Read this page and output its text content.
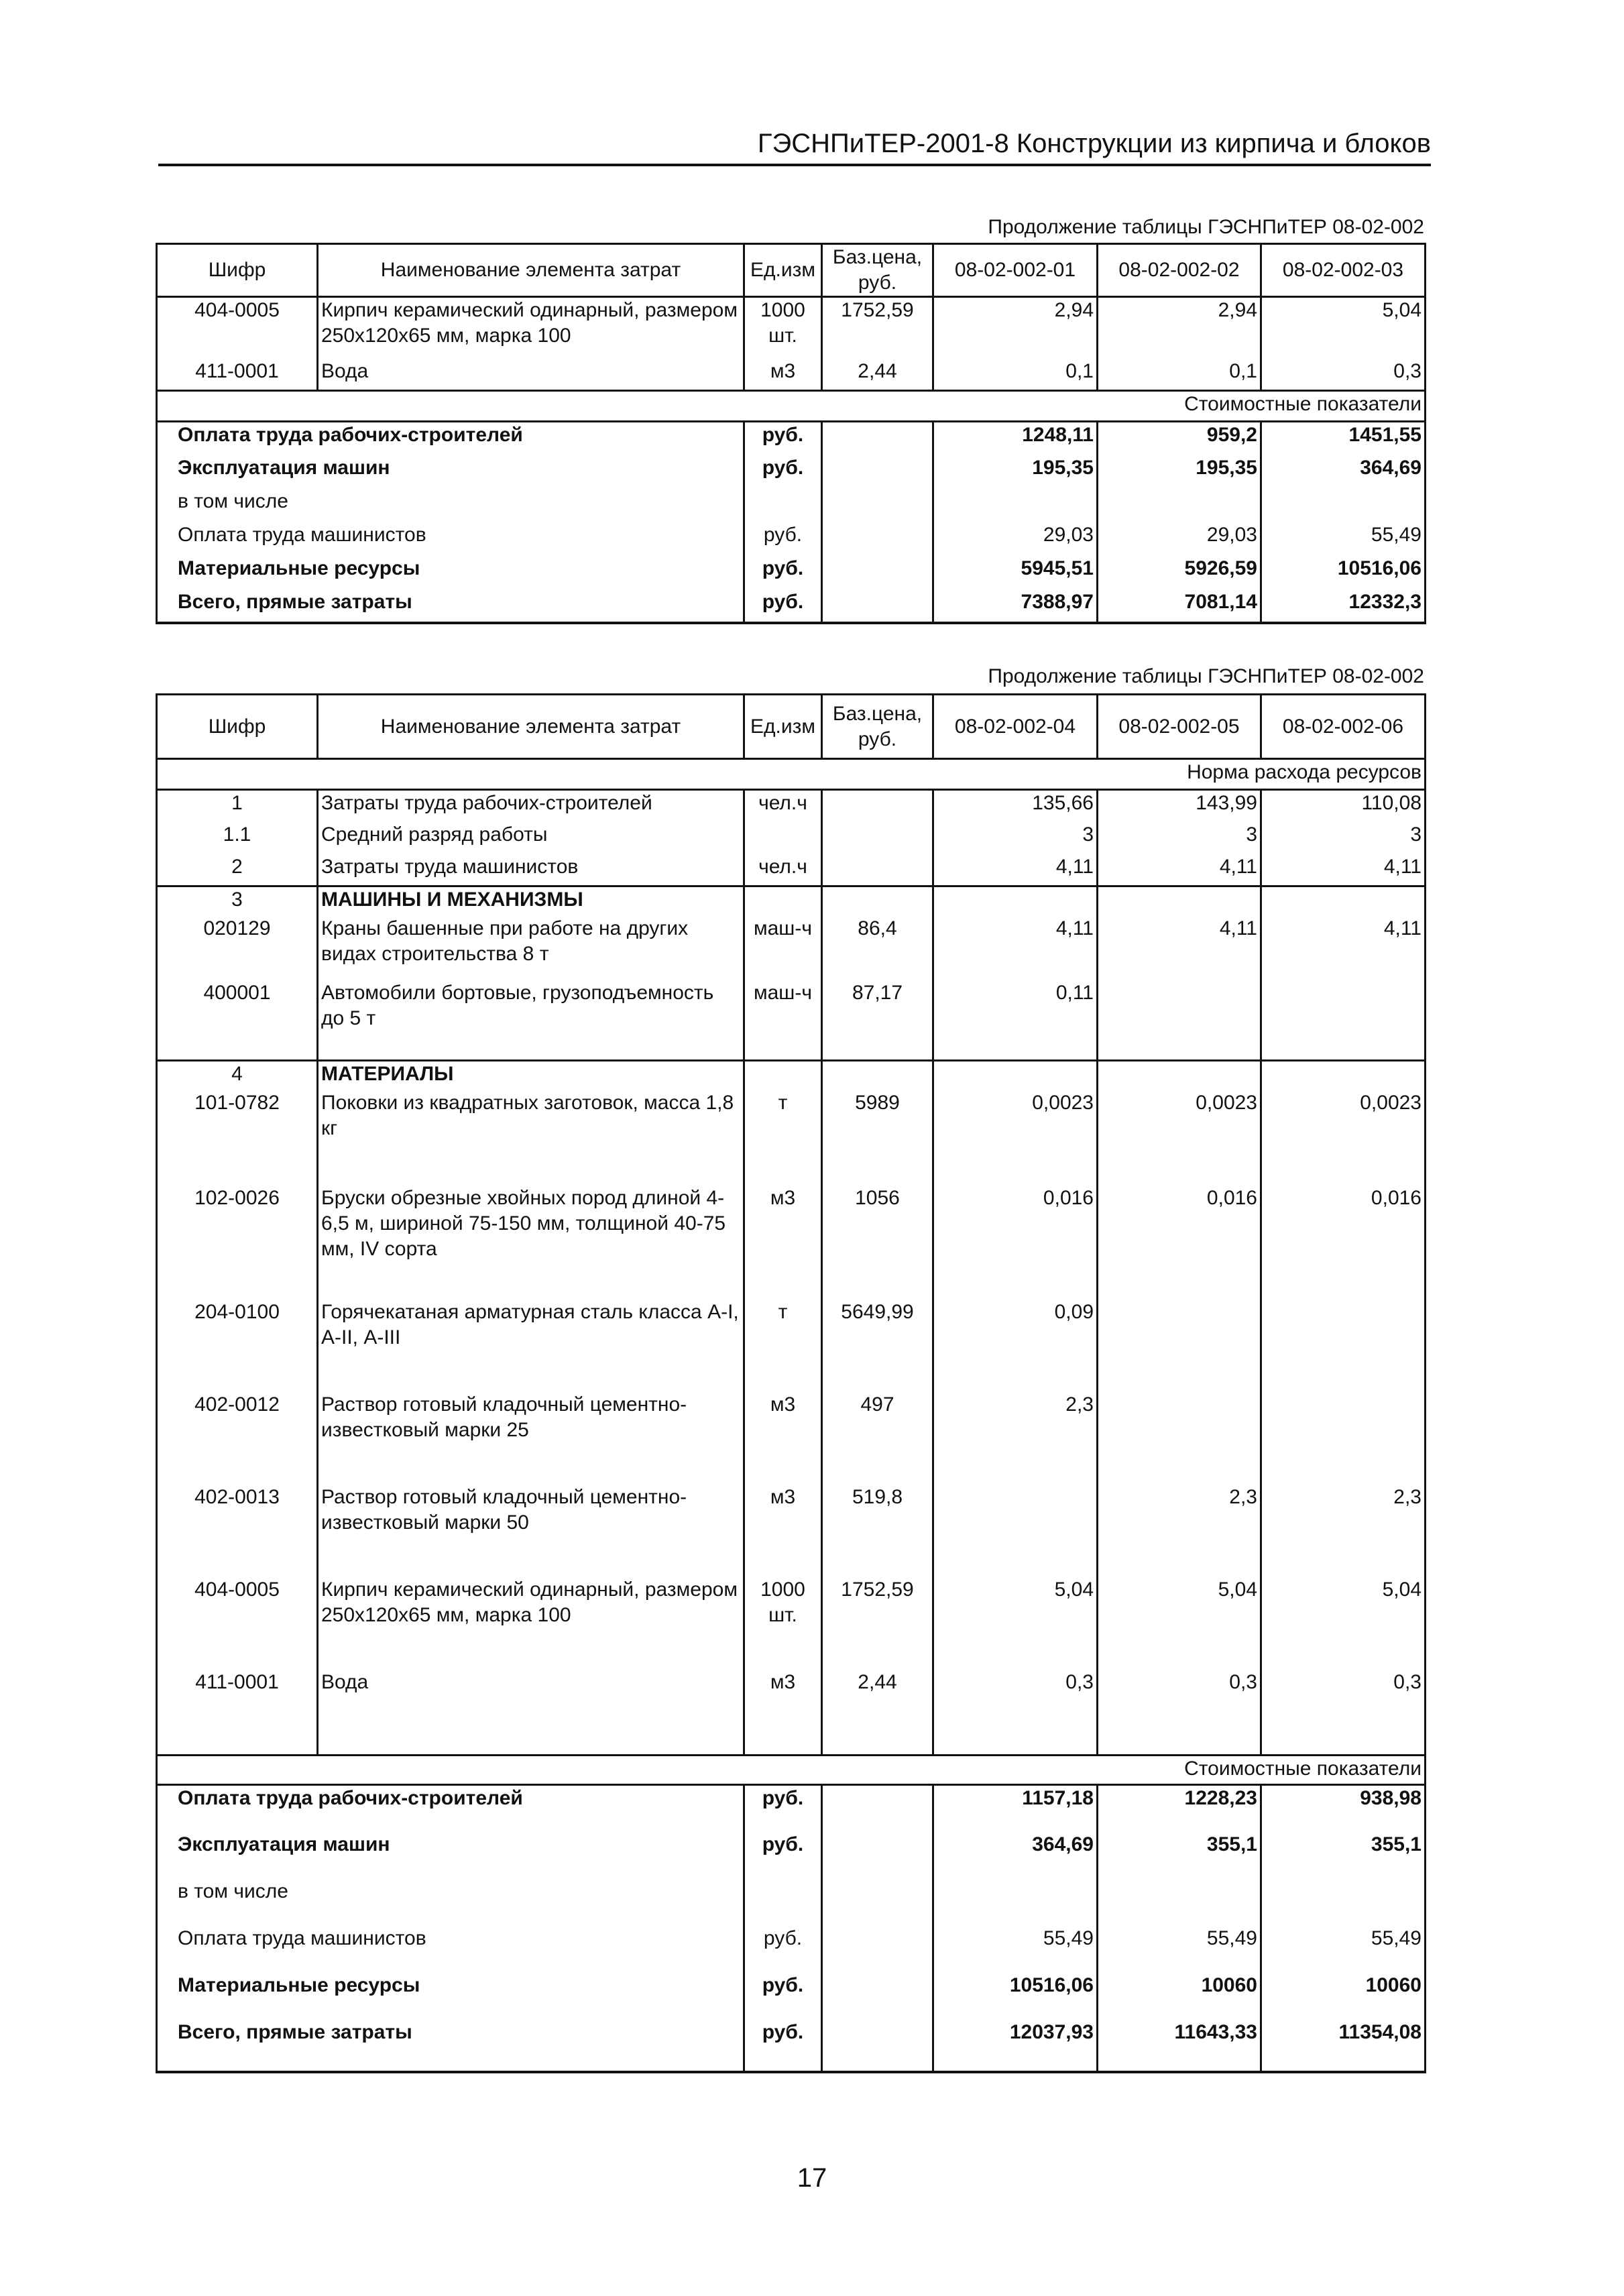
ГЭСНПиТЕР-2001-8 Конструкции из кирпича и блоков
Продолжение таблицы ГЭСНПиТЕР 08-02-002
Шифр	Наименование элемента затрат	Ед.изм	Баз.цена, руб.	08-02-002-01	08-02-002-02	08-02-002-03
404-0005	Кирпич керамический одинарный, размером 250х120х65 мм, марка 100	1000 шт.	1752,59	2,94	2,94	5,04
411-0001	Вода	м3	2,44	0,1	0,1	0,3
Стоимостные показатели						
Оплата труда рабочих-строителей		руб.		1248,11	959,2	1451,55
Эксплуатация машин		руб.		195,35	195,35	364,69
в том числе						
Оплата труда машинистов		руб.		29,03	29,03	55,49
Материальные ресурсы		руб.		5945,51	5926,59	10516,06
Всего, прямые затраты		руб.		7388,97	7081,14	12332,3
Продолжение таблицы ГЭСНПиТЕР 08-02-002
Шифр	Наименование элемента затрат	Ед.изм	Баз.цена, руб.	08-02-002-04	08-02-002-05	08-02-002-06
Норма расхода ресурсов						
1	Затраты труда рабочих-строителей	чел.ч		135,66	143,99	110,08
1.1	Средний разряд работы			3	3	3
2	Затраты труда машинистов	чел.ч		4,11	4,11	4,11
3	МАШИНЫ И МЕХАНИЗМЫ					
020129	Краны башенные при работе на других видах строительства 8 т	маш-ч	86,4	4,11	4,11	4,11
400001	Автомобили бортовые, грузоподъемность до 5 т	маш-ч	87,17	0,11		
4	МАТЕРИАЛЫ					
101-0782	Поковки из квадратных заготовок, масса 1,8 кг	т	5989	0,0023	0,0023	0,0023
102-0026	Бруски обрезные хвойных пород длиной 4-6,5 м, шириной 75-150 мм, толщиной 40-75 мм, IV сорта	м3	1056	0,016	0,016	0,016
204-0100	Горячекатаная арматурная сталь класса А-I, А-II, А-III	т	5649,99	0,09		
402-0012	Раствор готовый кладочный цементно-известковый марки 25	м3	497	2,3		
402-0013	Раствор готовый кладочный цементно-известковый марки 50	м3	519,8		2,3	2,3
404-0005	Кирпич керамический одинарный, размером 250х120х65 мм, марка 100	1000 шт.	1752,59	5,04	5,04	5,04
411-0001	Вода	м3	2,44	0,3	0,3	0,3
Стоимостные показатели						
Оплата труда рабочих-строителей		руб.		1157,18	1228,23	938,98
Эксплуатация машин		руб.		364,69	355,1	355,1
в том числе						
Оплата труда машинистов		руб.		55,49	55,49	55,49
Материальные ресурсы		руб.		10516,06	10060	10060
Всего, прямые затраты		руб.		12037,93	11643,33	11354,08
17
